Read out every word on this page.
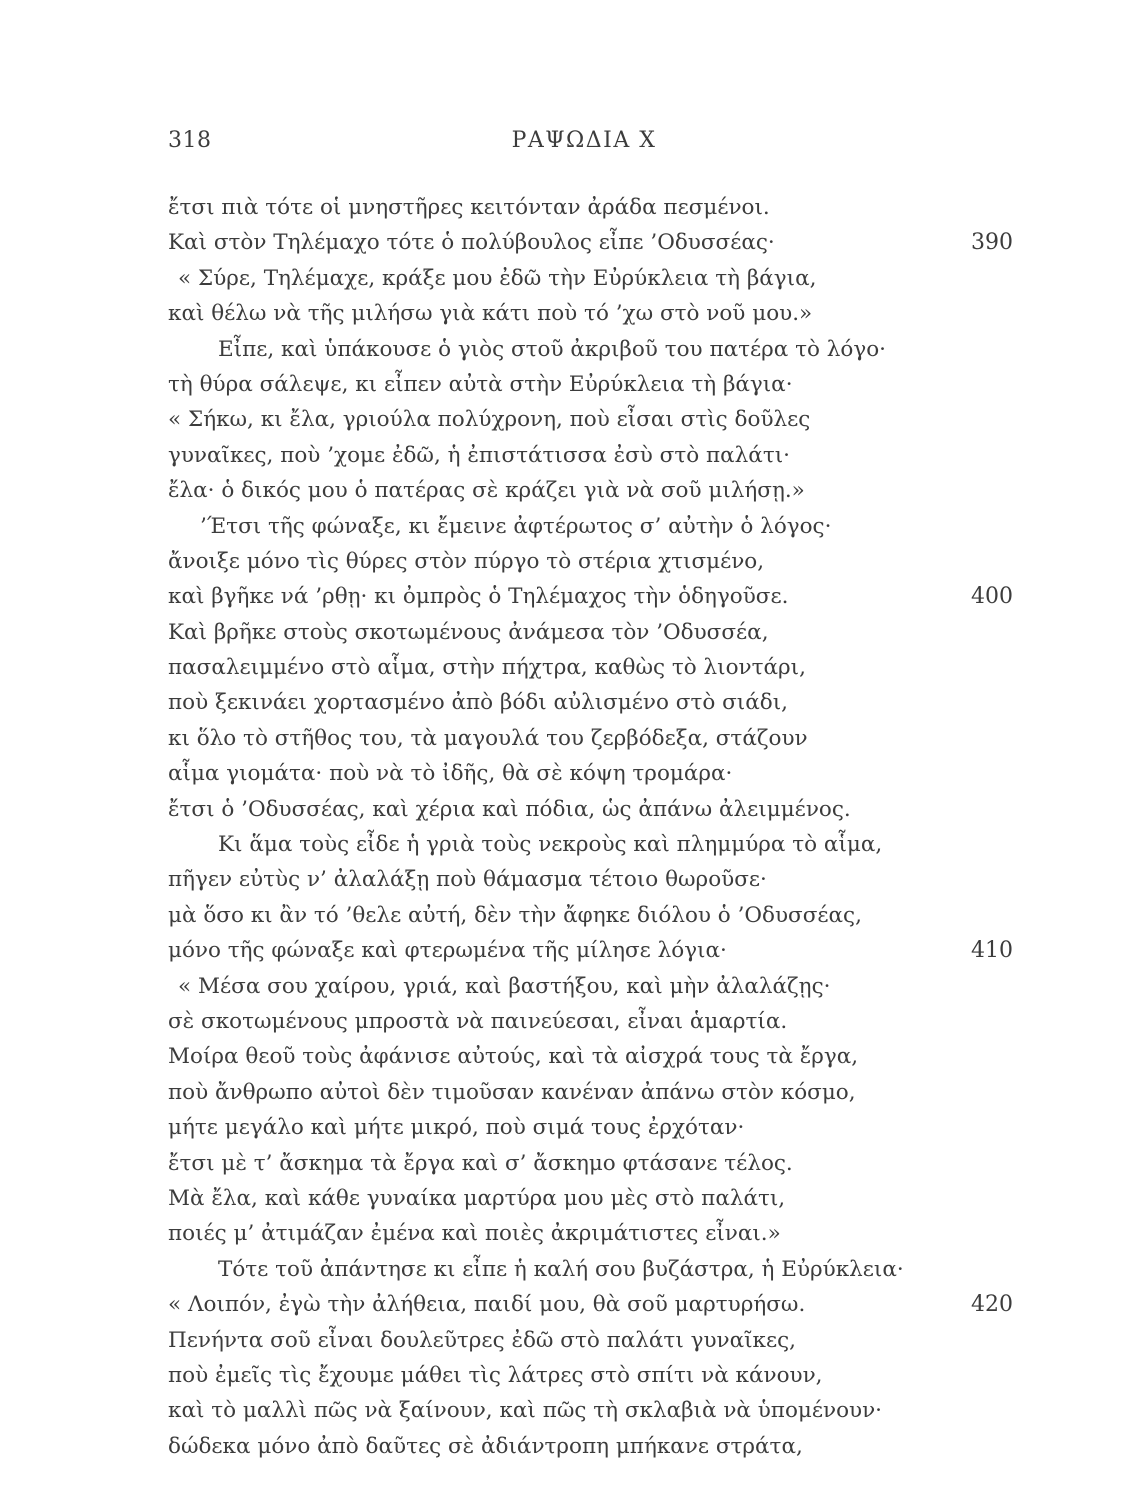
318	ΡΑΨΩΔΙΑ Χ
ἔτσι πιὰ τότε οἱ μνηστῆρες κειτόνταν ἀράδα πεσμένοι.
Καὶ στὸν Τηλέμαχο τότε ὁ πολύβουλος εἶπε ’Οδυσσέας·	390
« Σύρε, Τηλέμαχε, κράξε μου ἐδῶ τὴν Εὐρύκλεια τὴ βάγια,
καὶ θέλω νὰ τῆς μιλήσω γιὰ κάτι ποὺ τό ’χω στὸ νοῦ μου.»
Εἶπε, καὶ ὑπάκουσε ὁ γιὸς στοῦ ἀκριβοῦ του πατέρα τὸ λόγο·
τὴ θύρα σάλεψε, κι εἶπεν αὐτὰ στὴν Εὐρύκλεια τὴ βάγια·
« Σήκω, κι ἔλα, γριούλα πολύχρονη, ποὺ εἶσαι στὶς δοῦλες
γυναῖκες, ποὺ ’χομε ἐδῶ, ἡ ἐπιστάτισσα ἐσὺ στὸ παλάτι·
ἔλα· ὁ δικός μου ὁ πατέρας σὲ κράζει γιὰ νὰ σοῦ μιλήσῃ.»
’Έτσι τῆς φώναξε, κι ἔμεινε ἀφτέρωτος σ’ αὐτὴν ὁ λόγος·
ἄνοιξε μόνο τὶς θύρες στὸν πύργο τὸ στέρια χτισμένο,
καὶ βγῆκε νά ’ρθῃ· κι ὀμπρὸς ὁ Τηλέμαχος τὴν ὁδηγοῦσε.	400
Καὶ βρῆκε στοὺς σκοτωμένους ἀνάμεσα τὸν ’Οδυσσέα,
πασαλειμμένο στὸ αἷμα, στὴν πήχτρα, καθὼς τὸ λιοντάρι,
ποὺ ξεκινάει χορτασμένο ἀπὸ βόδι αὐλισμένο στὸ σιάδι,
κι ὅλο τὸ στῆθος του, τὰ μαγουλά του ζερβόδεξα, στάζουν
αἷμα γιομάτα· ποὺ νὰ τὸ ἰδῆς, θὰ σὲ κόψη τρομάρα·
ἔτσι ὁ ’Οδυσσέας, καὶ χέρια καὶ πόδια, ὡς ἀπάνω ἀλειμμένος.
Κι ἅμα τοὺς εἶδε ἡ γριὰ τοὺς νεκροὺς καὶ πλημμύρα τὸ αἷμα,
πῆγεν εὐτὺς ν’ ἀλαλάξῃ ποὺ θάμασμα τέτοιο θωροῦσε·
μὰ ὅσο κι ἂν τό ’θελε αὐτή, δὲν τὴν ἄφηκε διόλου ὁ ’Οδυσσέας,
μόνο τῆς φώναξε καὶ φτερωμένα τῆς μίλησε λόγια·	410
« Μέσα σου χαίρου, γριά, καὶ βαστήξου, καὶ μὴν ἀλαλάζῃς·
σὲ σκοτωμένους μπροστὰ νὰ παινεύεσαι, εἶναι ἁμαρτία.
Μοίρα θεοῦ τοὺς ἀφάνισε αὐτούς, καὶ τὰ αἰσχρά τους τὰ ἔργα,
ποὺ ἄνθρωπο αὐτοὶ δὲν τιμοῦσαν κανέναν ἀπάνω στὸν κόσμο,
μήτε μεγάλο καὶ μήτε μικρό, ποὺ σιμά τους ἐρχόταν·
ἔτσι μὲ τ’ ἄσκημα τὰ ἔργα καὶ σ’ ἄσκημο φτάσανε τέλος.
Μὰ ἔλα, καὶ κάθε γυναίκα μαρτύρα μου μὲς στὸ παλάτι,
ποιές μ’ ἀτιμάζαν ἐμένα καὶ ποιὲς ἀκριμάτιστες εἶναι.»
Τότε τοῦ ἀπάντησε κι εἶπε ἡ καλή σου βυζάστρα, ἡ Εὐρύκλεια·
« Λοιπόν, ἐγὼ τὴν ἀλήθεια, παιδί μου, θὰ σοῦ μαρτυρήσω.	420
Πενήντα σοῦ εἶναι δουλεῦτρες ἐδῶ στὸ παλάτι γυναῖκες,
ποὺ ἐμεῖς τὶς ἔχουμε μάθει τὶς λάτρες στὸ σπίτι νὰ κάνουν,
καὶ τὸ μαλλὶ πῶς νὰ ξαίνουν, καὶ πῶς τὴ σκλαβιὰ νὰ ὑπομένουν·
δώδεκα μόνο ἀπὸ δαῦτες σὲ ἀδιάντροπη μπήκανε στράτα,
